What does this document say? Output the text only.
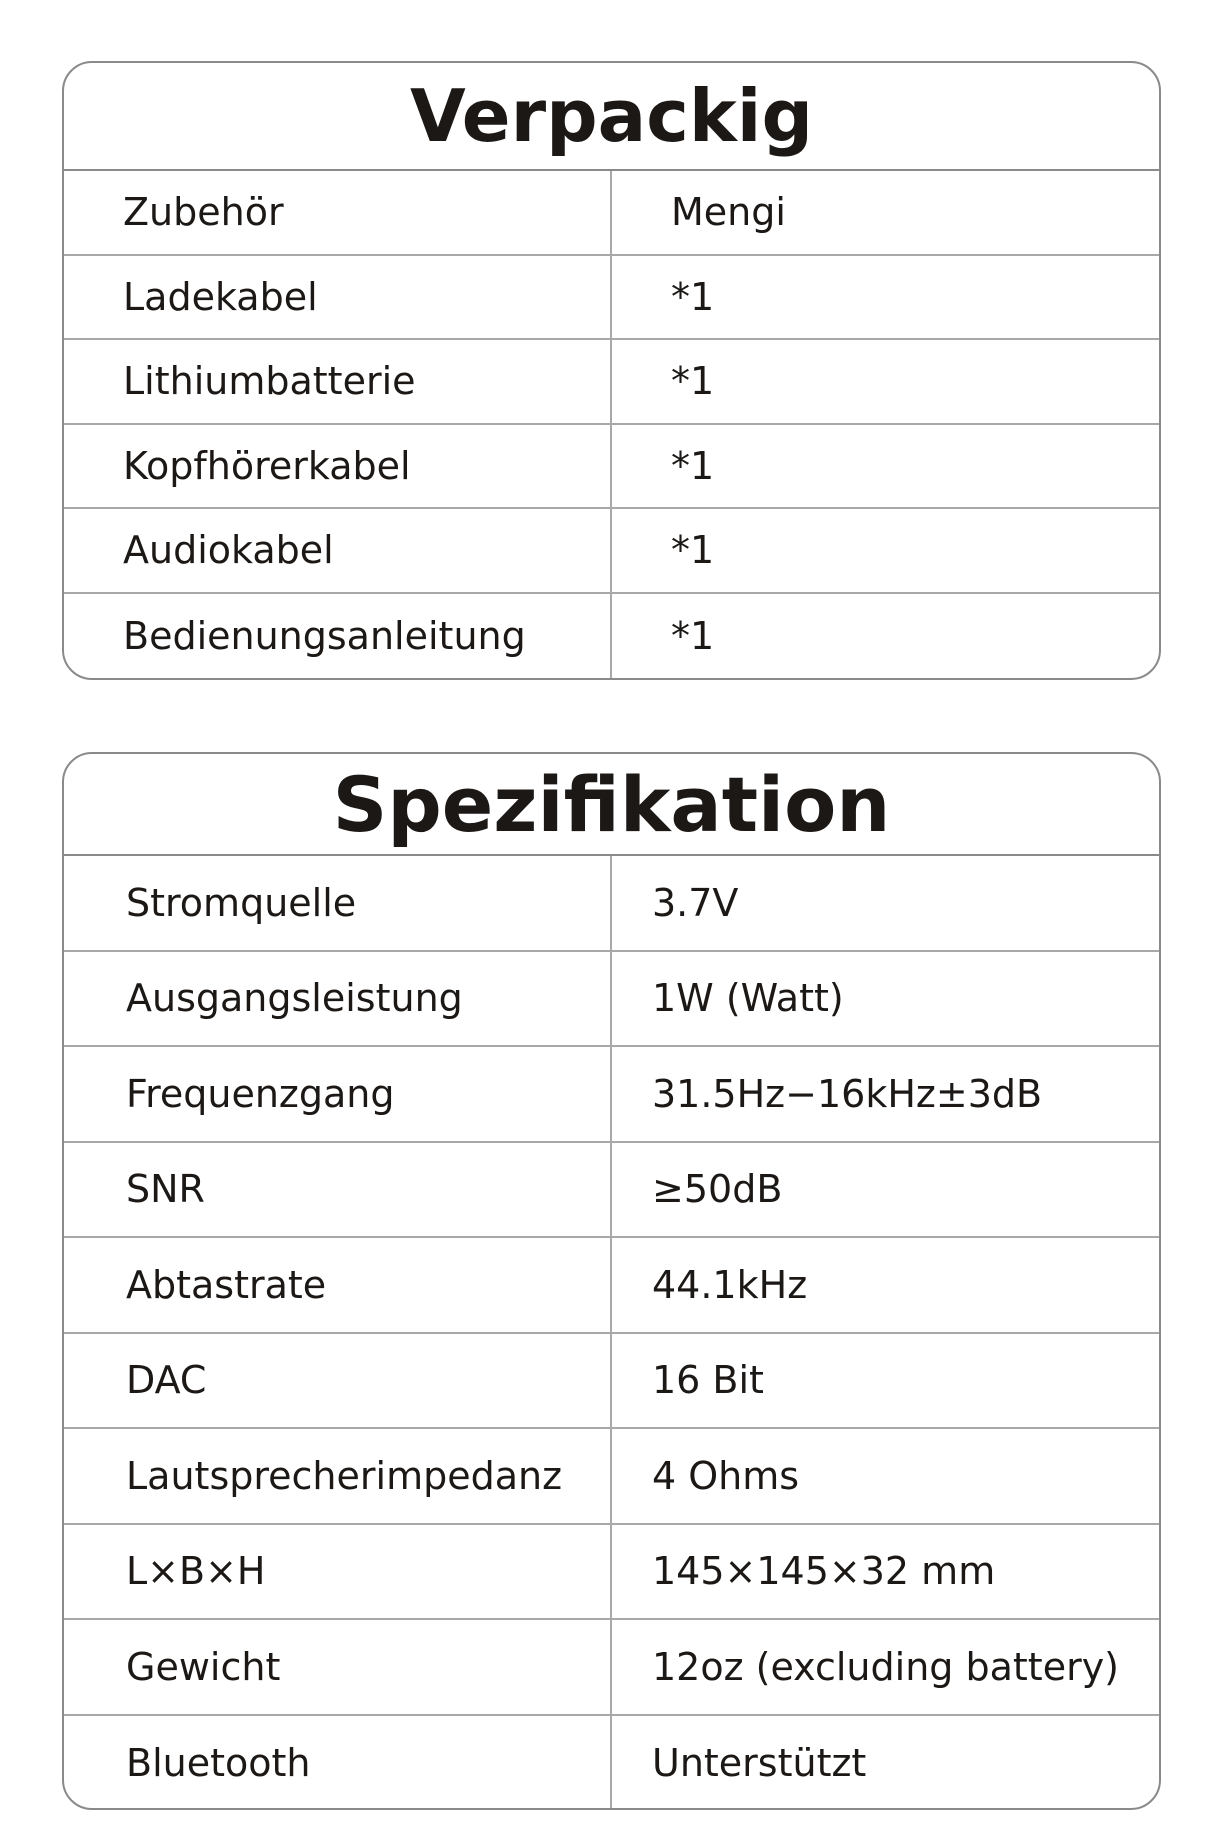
Verpackig
Zubehör	Mengi
Ladekabel	*1
Lithiumbatterie	*1
Kopfhörerkabel	*1
Audiokabel	*1
Bedienungsanleitung	*1
Spezifikation
Stromquelle	3.7V
Ausgangsleistung	1W (Watt)
Frequenzgang	31.5Hz−16kHz±3dB
SNR	≥50dB
Abtastrate	44.1kHz
DAC	16 Bit
Lautsprecherimpedanz	4 Ohms
L×B×H	145×145×32 mm
Gewicht	12oz (excluding battery)
Bluetooth	Unterstützt
